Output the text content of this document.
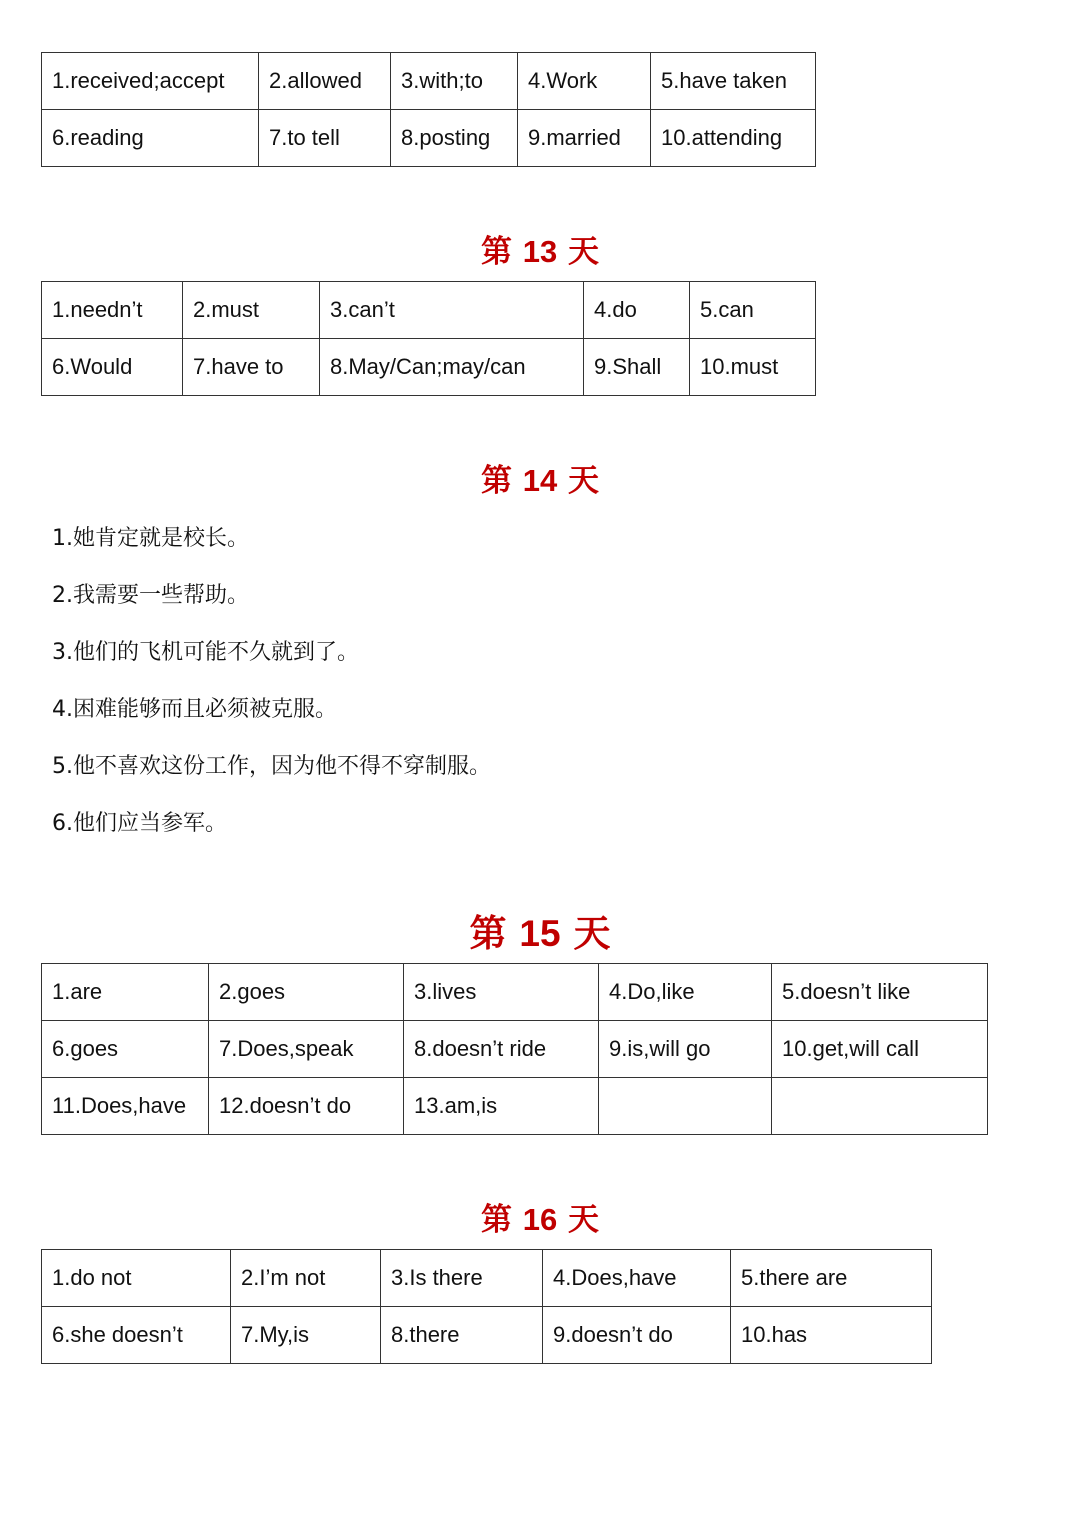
1.received;accept	2.allowed	3.with;to	4.Work	5.have taken
6.reading	7.to tell	8.posting	9.married	10.attending
第 13 天
1.needn’t	2.must	3.can’t	4.do	5.can
6.Would	7.have to	8.May/Can;may/can	9.Shall	10.must
第 14 天
1.她肯定就是校长。
2.我需要一些帮助。
3.他们的飞机可能不久就到了。
4.困难能够而且必须被克服。
5.他不喜欢这份工作，因为他不得不穿制服。
6.他们应当参军。
第 15 天
1.are	2.goes	3.lives	4.Do,like	5.doesn’t like
6.goes	7.Does,speak	8.doesn’t ride	9.is,will go	10.get,will call
11.Does,have	12.doesn’t do	13.am,is		
第 16 天
1.do not	2.I’m not	3.Is there	4.Does,have	5.there are
6.she doesn’t	7.My,is	8.there	9.doesn’t do	10.has
